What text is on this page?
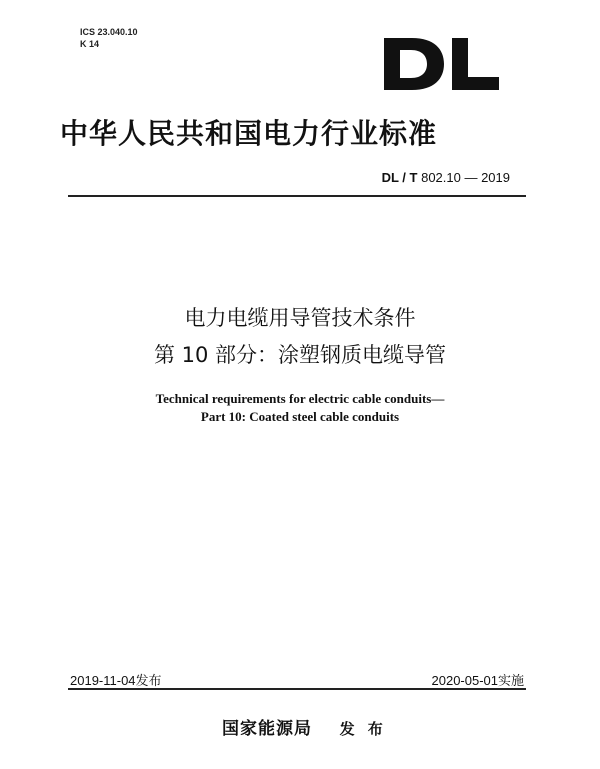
ICS 23.040.10
K 14
中华人民共和国电力行业标准
DL / T 802.10 — 2019
电力电缆用导管技术条件
第 10 部分：涂塑钢质电缆导管
Technical requirements for electric cable conduits—
Part 10: Coated steel cable conduits
2019-11-04发布	2020-05-01实施
国家能源局 发 布
